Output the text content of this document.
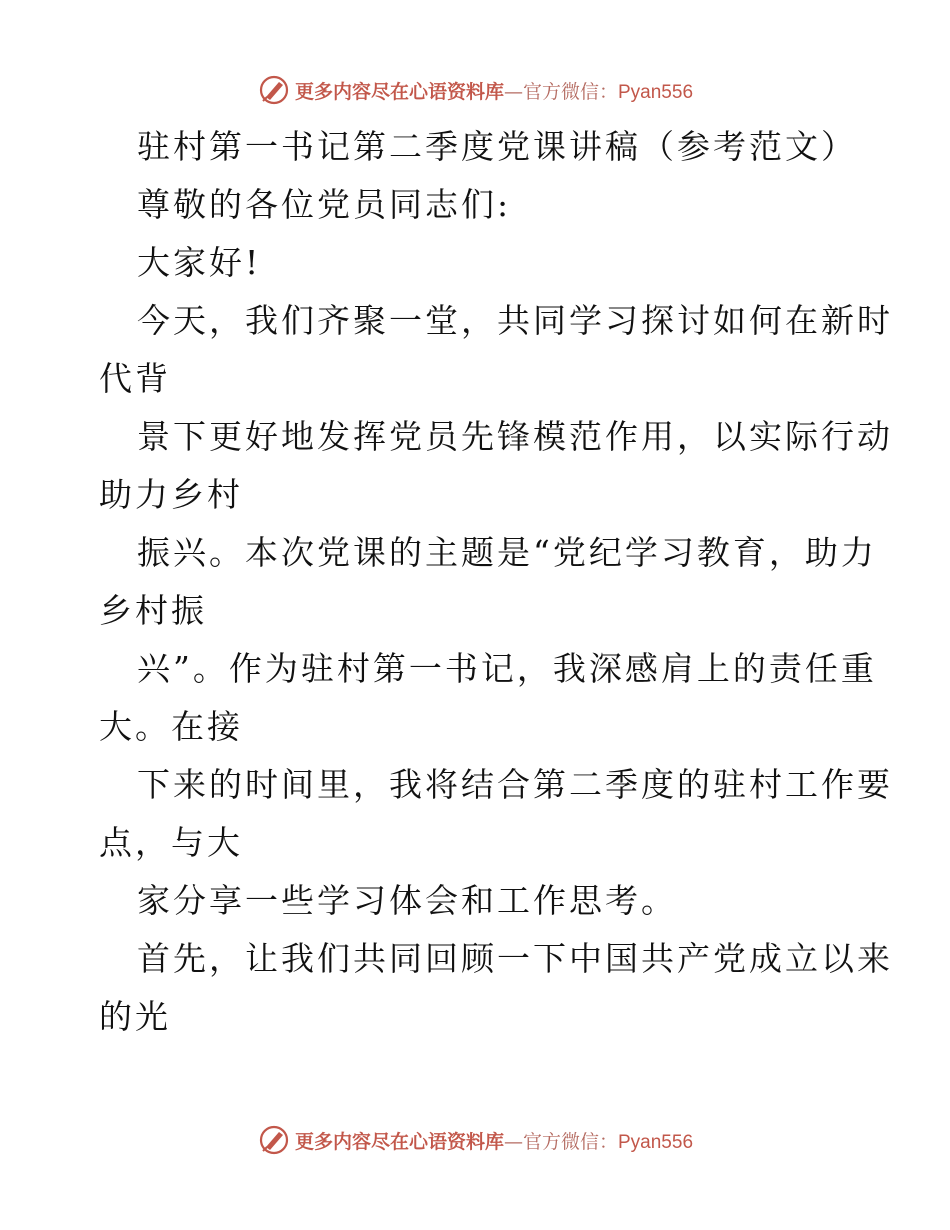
更多内容尽在心语资料库—官方微信：Pyan556
驻村第一书记第二季度党课讲稿（参考范文）
尊敬的各位党员同志们:
大家好!
今天，我们齐聚一堂，共同学习探讨如何在新时
代背
景下更好地发挥党员先锋模范作用，以实际行动
助力乡村
振兴。本次党课的主题是“党纪学习教育，助力
乡村振
兴”。作为驻村第一书记，我深感肩上的责任重
大。在接
下来的时间里，我将结合第二季度的驻村工作要
点，与大
家分享一些学习体会和工作思考。
首先，让我们共同回顾一下中国共产党成立以来
的光
更多内容尽在心语资料库—官方微信：Pyan556
